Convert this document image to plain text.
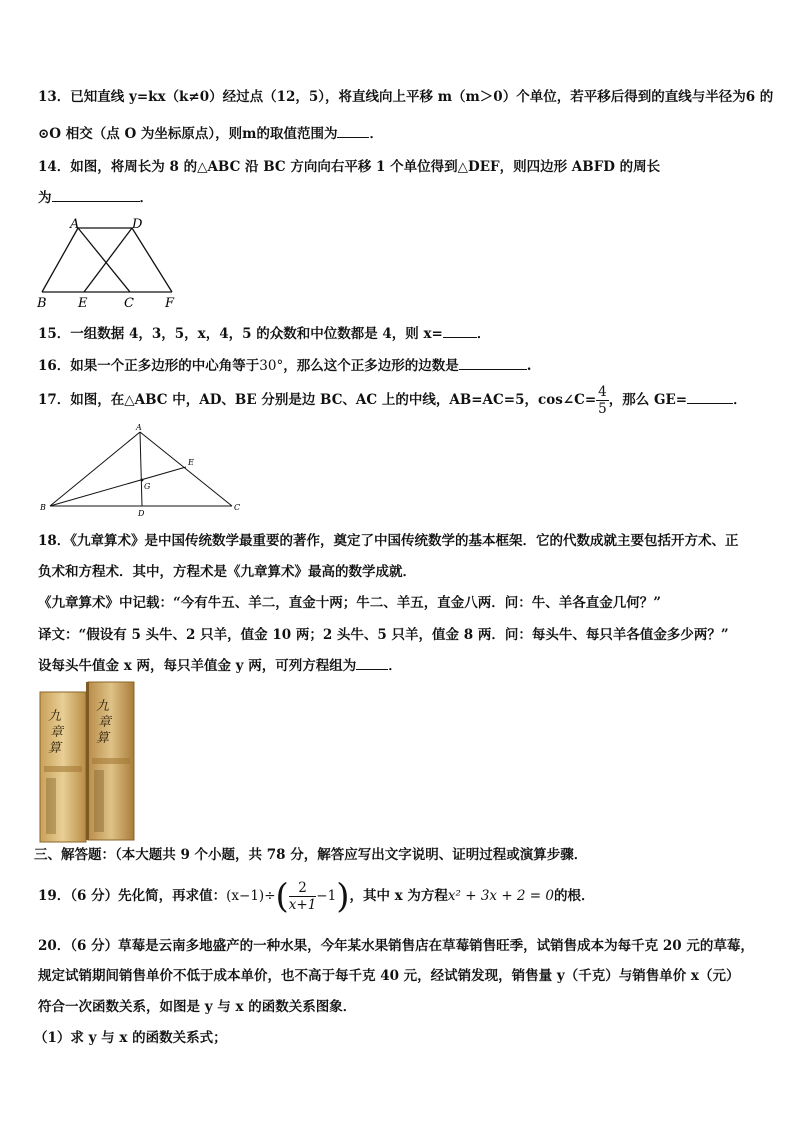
13．已知直线 y=kx（k≠0）经过点（12，5），将直线向上平移 m（m＞0）个单位，若平移后得到的直线与半径为6 的
⊙O 相交（点 O 为坐标原点），则m的取值范围为 ．
14．如图，将周长为 8 的△ABC 沿 BC 方向向右平移 1 个单位得到△DEF，则四边形 ABFD 的周长
为	．
A	D
B E	C F
15．一组数据 4，3，5，x，4，5 的众数和中位数都是 4，则 x=	．
16．如果一个正多边形的中心角等于30°，那么这个正多边形的边数是	.
17．如图，在△ABC 中，AD、BE 分别是边 BC、AC 上的中线，AB=AC=5，cos∠C= $\frac{4}{5}$ ，那么 GE=	．
A
B	C
D
E
G
18．《九章算术》是中国传统数学最重要的著作，奠定了中国传统数学的基本框架．它的代数成就主要包括开方术、正
负术和方程术．其中，方程术是《九章算术》最高的数学成就．
《九章算术》中记载：“今有牛五、羊二，直金十两；牛二、羊五，直金八两．问：牛、羊各直金几何？”
译文：“假设有 5 头牛、2 只羊，值金 10 两；2 头牛、5 只羊，值金 8 两．问：每头牛、每只羊各值金多少两？”
设每头牛值金 x 两，每只羊值金 y 两，可列方程组为 ．
九
章
算
九
章
算
三、解答题：（本大题共 9 个小题，共 78 分，解答应写出文字说明、证明过程或演算步骤．
19．（6 分）先化简，再求值：$(x-1)\div( \frac{2}{x+1} -1)$，其中 x 为方程x² + 3x + 2 = 0的根．
20．（6 分）草莓是云南多地盛产的一种水果，今年某水果销售店在草莓销售旺季，试销售成本为每千克 20 元的草莓，
规定试销期间销售单价不低于成本单价，也不高于每千克 40 元，经试销发现，销售量 y（千克）与销售单价 x（元）
符合一次函数关系，如图是 y 与 x 的函数关系图象．
（1）求 y 与 x 的函数关系式；
